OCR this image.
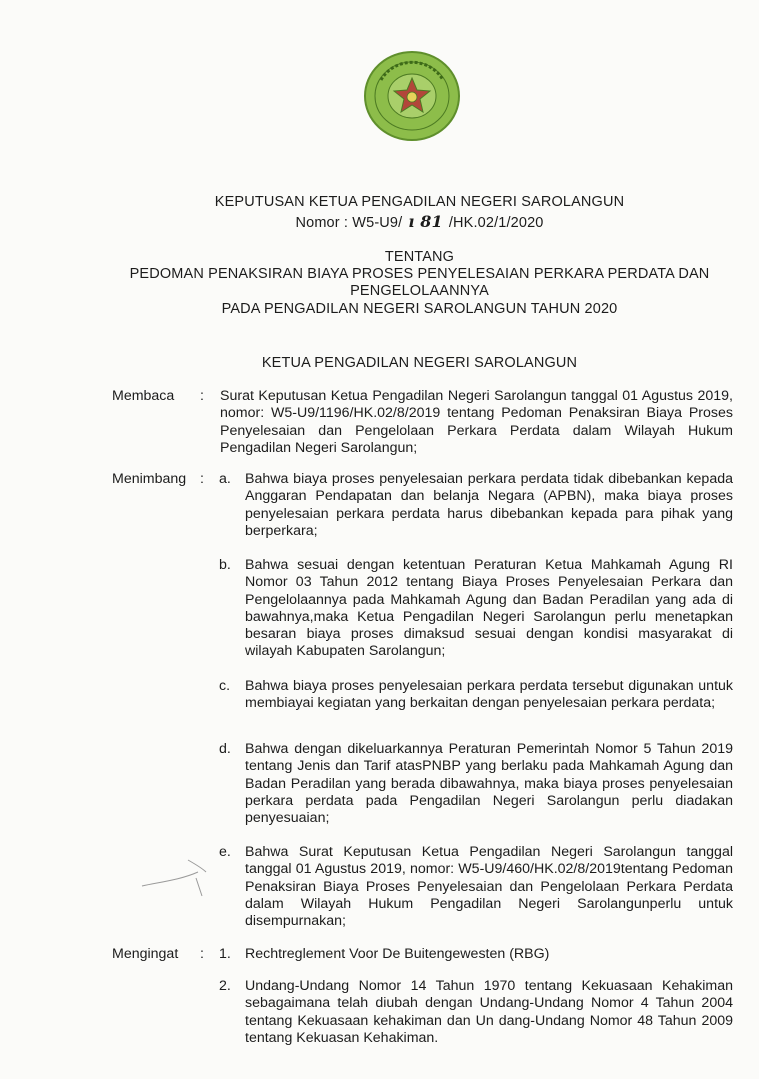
KEPUTUSAN KETUA PENGADILAN NEGERI SAROLANGUN
Nomor : W5-U9/ ı 81 /HK.02/1/2020
TENTANG
PEDOMAN PENAKSIRAN BIAYA PROSES PENYELESAIAN PERKARA PERDATA DAN
PENGELOLAANNYA
PADA PENGADILAN NEGERI SAROLANGUN TAHUN 2020
KETUA PENGADILAN NEGERI SAROLANGUN
Membaca : Surat Keputusan Ketua Pengadilan Negeri Sarolangun tanggal 01 Agustus 2019, nomor: W5-U9/1196/HK.02/8/2019 tentang Pedoman Penaksiran Biaya Proses Penyelesaian dan Pengelolaan Perkara Perdata dalam Wilayah Hukum Pengadilan Negeri Sarolangun;
Menimbang : a. Bahwa biaya proses penyelesaian perkara perdata tidak dibebankan kepada Anggaran Pendapatan dan belanja Negara (APBN), maka biaya proses penyelesaian perkara perdata harus dibebankan kepada para pihak yang berperkara;
b. Bahwa sesuai dengan ketentuan Peraturan Ketua Mahkamah Agung RI Nomor 03 Tahun 2012 tentang Biaya Proses Penyelesaian Perkara dan Pengelolaannya pada Mahkamah Agung dan Badan Peradilan yang ada di bawahnya,maka Ketua Pengadilan Negeri Sarolangun perlu menetapkan besaran biaya proses dimaksud sesuai dengan kondisi masyarakat di wilayah Kabupaten Sarolangun;
c. Bahwa biaya proses penyelesaian perkara perdata tersebut digunakan untuk membiayai kegiatan yang berkaitan dengan penyelesaian perkara perdata;
d. Bahwa dengan dikeluarkannya Peraturan Pemerintah Nomor 5 Tahun 2019 tentang Jenis dan Tarif atasPNBP yang berlaku pada Mahkamah Agung dan Badan Peradilan yang berada dibawahnya, maka biaya proses penyelesaian perkara perdata pada Pengadilan Negeri Sarolangun perlu diadakan penyesuaian;
e. Bahwa Surat Keputusan Ketua Pengadilan Negeri Sarolangun tanggal tanggal 01 Agustus 2019, nomor: W5-U9/460/HK.02/8/2019tentang Pedoman Penaksiran Biaya Proses Penyelesaian dan Pengelolaan Perkara Perdata dalam Wilayah Hukum Pengadilan Negeri Sarolangunperlu untuk disempurnakan;
Mengingat : 1. Rechtreglement Voor De Buitengewesten (RBG)
2. Undang-Undang Nomor 14 Tahun 1970 tentang Kekuasaan Kehakiman sebagaimana telah diubah dengan Undang-Undang Nomor 4 Tahun 2004 tentang Kekuasaan kehakiman dan Un dang-Undang Nomor 48 Tahun 2009 tentang Kekuasan Kehakiman.
